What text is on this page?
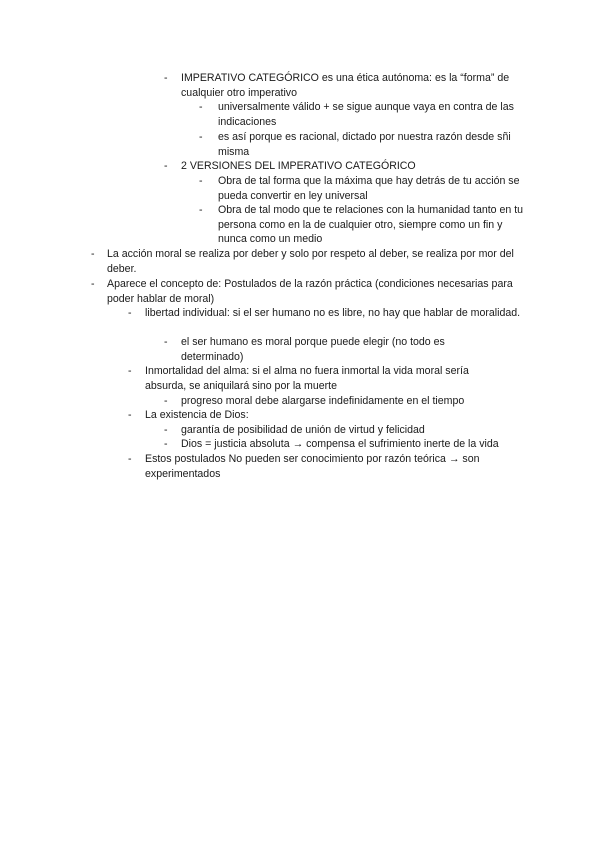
-	IMPERATIVO CATEGÓRICO es una ética autónoma: es la “forma” de cualquier otro imperativo
-	universalmente válido + se sigue aunque vaya en contra de las indicaciones
-	es así porque es racional, dictado por nuestra razón desde sñi misma
-	2 VERSIONES DEL IMPERATIVO CATEGÓRICO
-	Obra de tal forma que la máxima que hay detrás de tu acción se pueda convertir en ley universal
-	Obra de tal modo que te relaciones con la humanidad tanto en tu persona como en la de cualquier otro, siempre como un fin y nunca como un medio
-	La acción moral se realiza por deber y solo por respeto al deber, se realiza por mor del deber.
-	Aparece el concepto de: Postulados de la razón práctica (condiciones necesarias para poder hablar de moral)
-	libertad individual: si el ser humano no es libre, no hay que hablar de moralidad.
-	el ser humano es moral porque puede elegir (no todo es determinado)
-	Inmortalidad del alma: si el alma no fuera inmortal la vida moral sería absurda, se aniquilará sino por la muerte
-	progreso moral debe alargarse indefinidamente en el tiempo
-	La existencia de Dios:
-	garantía de posibilidad de unión de virtud y felicidad
-	Dios = justicia absoluta → compensa el sufrimiento inerte de la vida
-	Estos postulados No pueden ser conocimiento por razón teórica → son experimentados
